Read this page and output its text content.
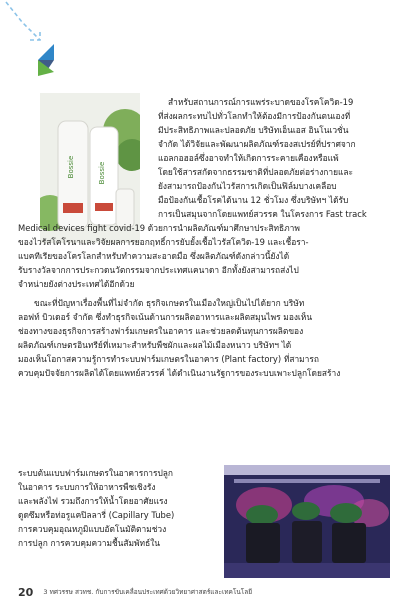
Bossie	Bossie
สำหรับสถานการณ์การแพร่ระบาดของโรคโควิด-19
ที่ส่งผลกระทบไปทั่วโลกทำให้ต้องมีการป้องกันตนเองที่
มีประสิทธิภาพและปลอดภัย บริษัทเอ็นเอส อินโนเวชั่น
จำกัด ได้วิจัยและพัฒนาผลิตภัณฑ์รองสเปรย์ที่ปราศจาก
แอลกอฮอล์ซึ่งอาจทำให้เกิดการระคายเคืองหรือแพ้
โดยใช้สารสกัดจากธรรมชาติที่ปลอดภัยต่อร่างกายและ
ยังสามารถป้องกันไวรัสการเกิดเป็นฟิล์มบางเคลือบ
มือป้องกันเชื้อโรคได้นาน 12 ชั่วโมง ซึ่งบริษัทฯ ได้รับ
การเป็นสมุนจากโดยแพทย์สวรรค ในโครงการ Fast track
Medical devices fight covid-19 ด้วยการนำผลิตภัณฑ์มาศึกษาประสิทธิภาพ
ของไวรัสโคโรนาและวิจัยผลการยอกฤทธิ์การยับยั้งเชื้อไวรัสโควิด-19 และเชื้อรา-
แบคทีเรียของโครโลกสำหรับทำความสะอาดมือ ซึ่งผลิตภัณฑ์ดังกล่าวนี้ยังได้
รับรางวัลจากการประกวดนวัตกรรมจากประเทศแคนาดา อีกทั้งยังสามารถส่งไป
จำหน่ายยังต่างประเทศได้อีกด้วย
ขณะที่ปัญหาเรื่องพื้นที่ไม่จำกัด ธุรกิจเกษตรในเมืองใหญ่เป็นไปได้ยาก บริษัท
ลอฟท์ บิวเดอร์ จำกัด ซึ่งทำธุรกิจเน้นด้านการผลิตอาหารและผลิตสมุนไพร มองเห็น
ช่องทางของธุรกิจการสร้างฟาร์มเกษตรในอาคาร และช่วยลดต้นทุนการผลิตของ
ผลิตภัณฑ์เกษตรอินทรีย์ที่เหมาะสำหรับพืชผักและผลไม้เมืองหนาว บริษัทฯ ได้
มองเห็นโอกาสความรู้การทำระบบฟาร์มเกษตรในอาคาร (Plant factory) ที่สามารถ
ควบคุมปัจจัยการผลิตได้โดยแพทย์สวรรค์ ได้ดำเนินงานรัฐการของระบบเพาะปลูกโดยสร้าง
ระบบต้นแบบฟาร์มเกษตรในอาคารการปลูก
ในอาคาร ระบบการให้อาหารพืชเชิงรัง
และพลังไฟ รวมถึงการให้น้ำโดยอาศัยแรง
ดูดซึมหรือท่อรูแคปิลลารี่ (Capillary Tube)
การควบคุมอุณหภูมิแบบอัตโนมัติตามช่วง
การปลูก การควบคุมความชื้นสัมพัทธ์ใน
20 3 ทศวรรษ สวทช. กับการขับเคลื่อนประเทศด้วยวิทยาศาสตร์และเทคโนโลยี
